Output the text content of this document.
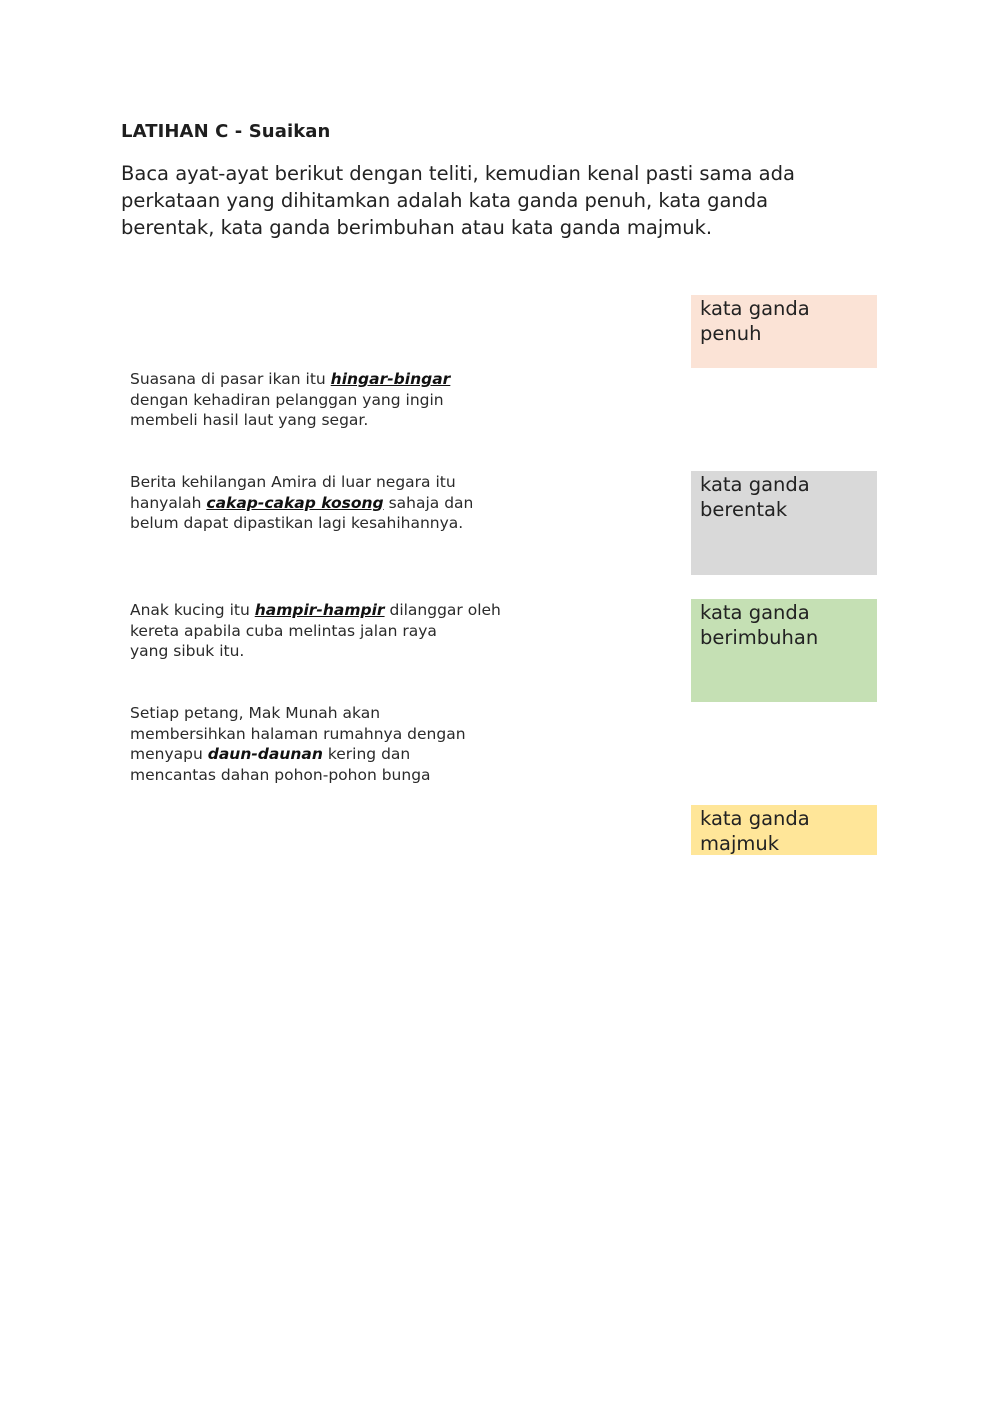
LATIHAN C - Suaikan
Baca ayat-ayat berikut dengan teliti, kemudian kenal pasti sama ada
perkataan yang dihitamkan adalah kata ganda penuh, kata ganda
berentak, kata ganda berimbuhan atau kata ganda majmuk.
Suasana di pasar ikan itu hingar-bingar
dengan kehadiran pelanggan yang ingin
membeli hasil laut yang segar.
Berita kehilangan Amira di luar negara itu
hanyalah cakap-cakap kosong sahaja dan
belum dapat dipastikan lagi kesahihannya.
Anak kucing itu hampir-hampir dilanggar oleh
kereta apabila cuba melintas jalan raya
yang sibuk itu.
Setiap petang, Mak Munah akan
membersihkan halaman rumahnya dengan
menyapu daun-daunan kering dan
mencantas dahan pohon-pohon bunga
kata ganda
penuh
kata ganda
berentak
kata ganda
berimbuhan
kata ganda
majmuk
